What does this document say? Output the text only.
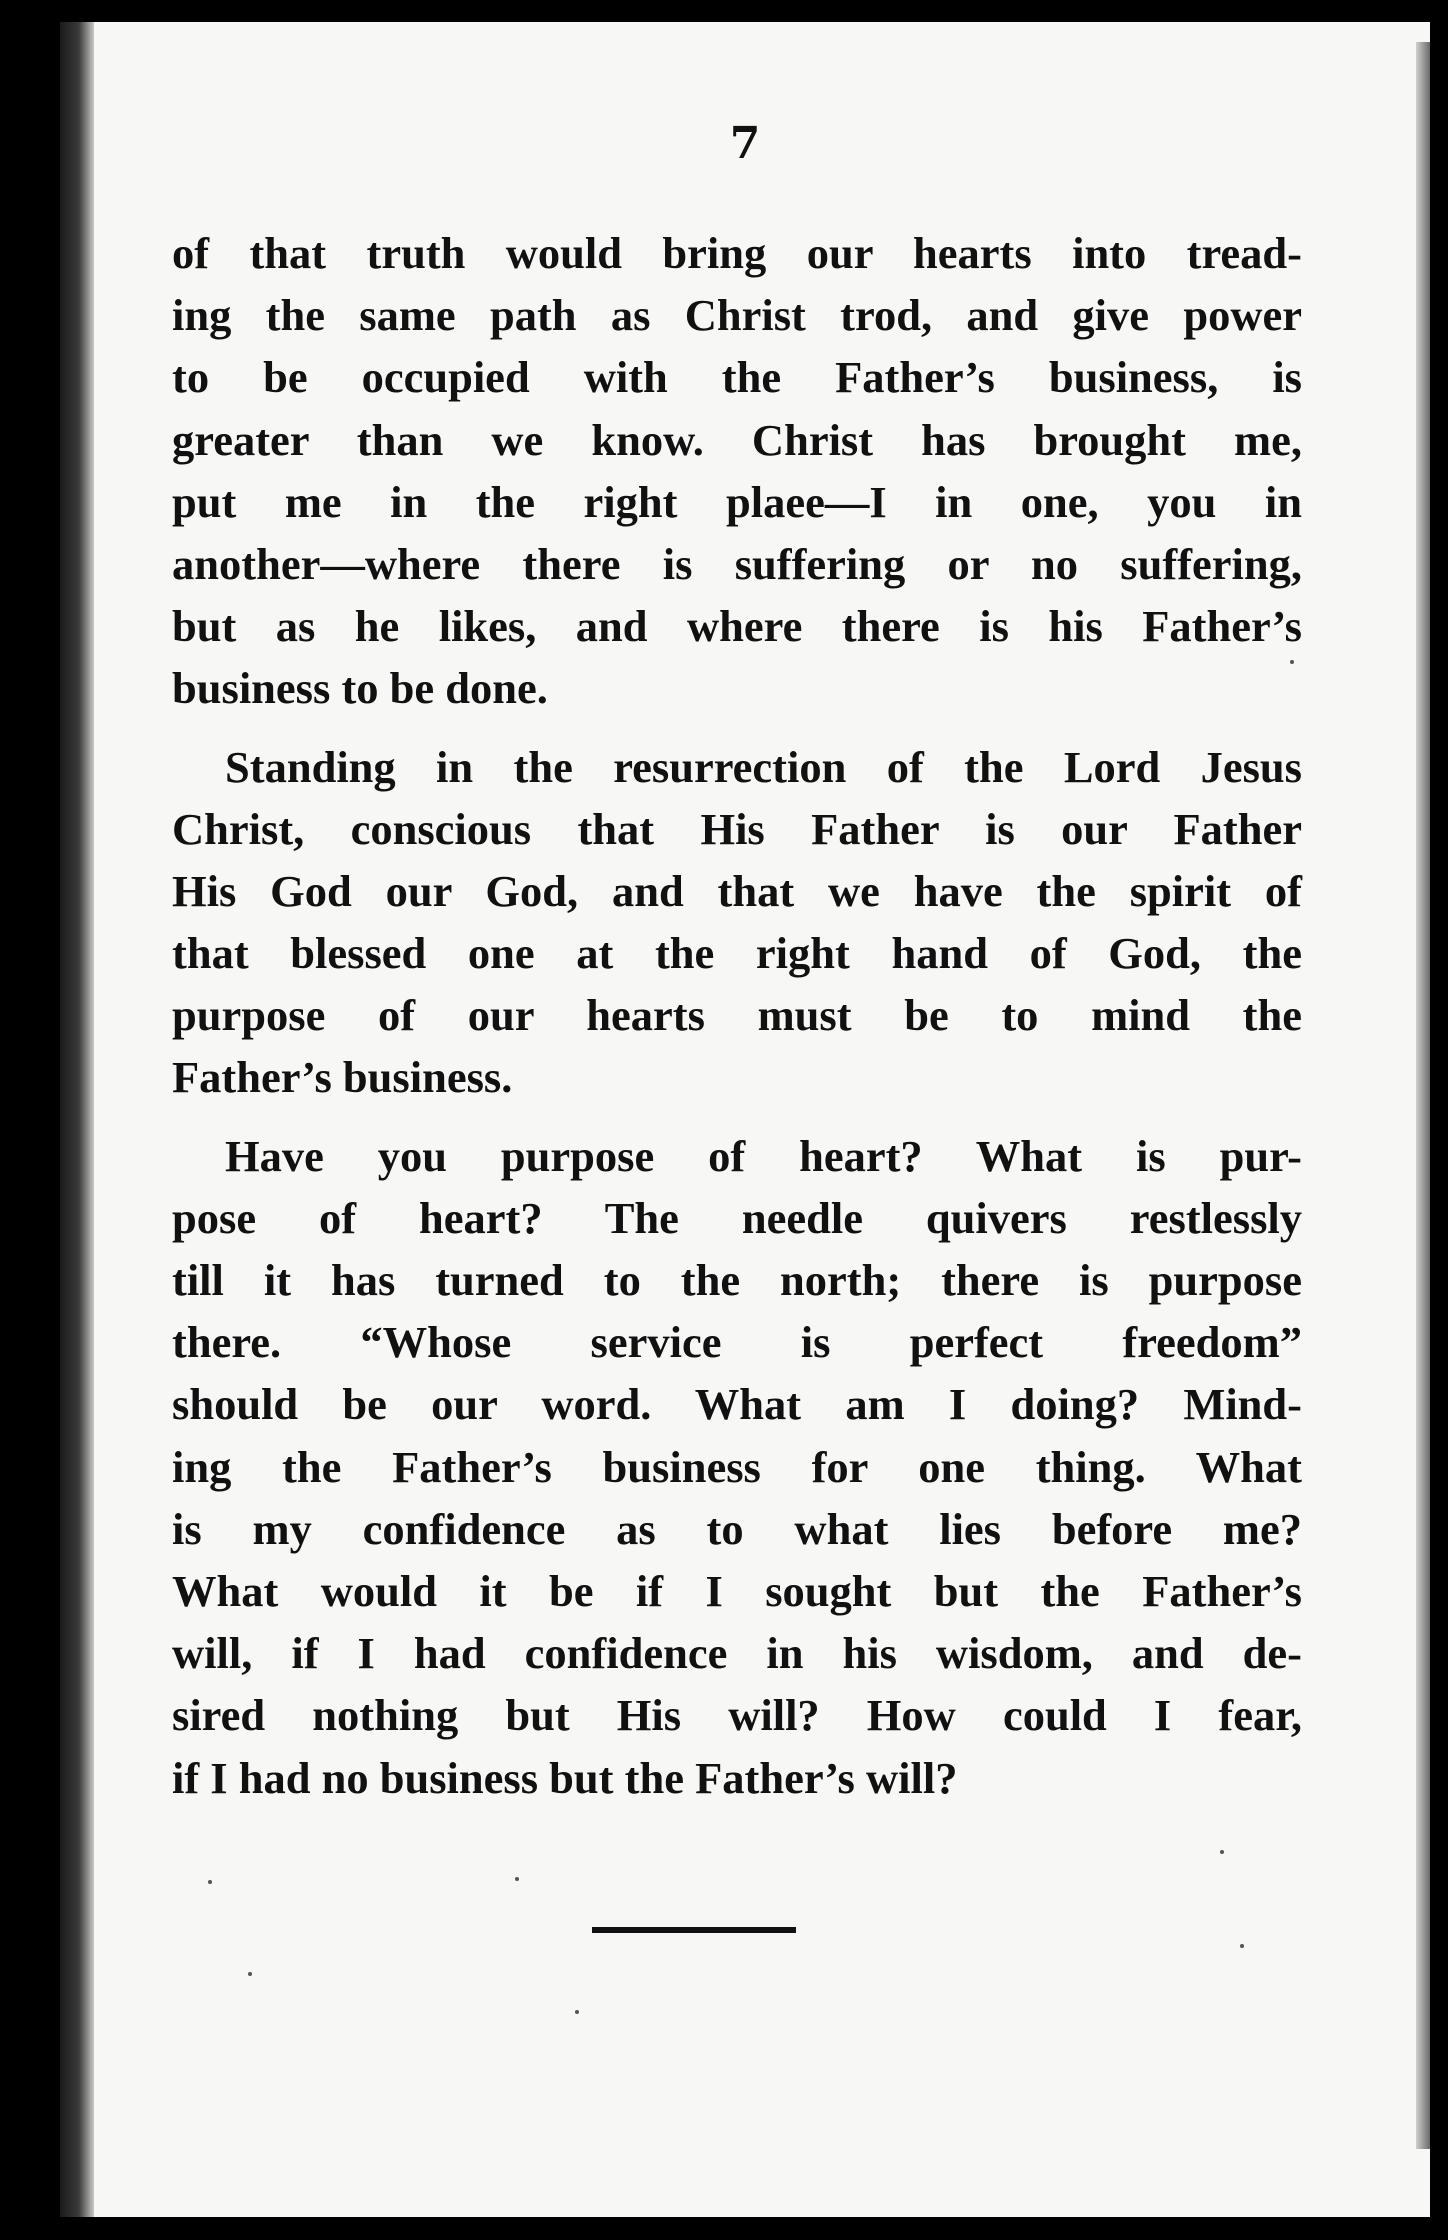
7
of that truth would bring our hearts into tread-
ing the same path as Christ trod, and give power
to be occupied with the Father’s business, is
greater than we know. Christ has brought me,
put me in the right plaee—I in one, you in
another—where there is suffering or no suffering,
but as he likes, and where there is his Father’s
business to be done.
Standing in the resurrection of the Lord Jesus
Christ, conscious that His Father is our Father
His God our God, and that we have the spirit of
that blessed one at the right hand of God, the
purpose of our hearts must be to mind the
Father’s business.
Have you purpose of heart? What is pur-
pose of heart? The needle quivers restlessly
till it has turned to the north; there is purpose
there. “Whose service is perfect freedom”
should be our word. What am I doing? Mind-
ing the Father’s business for one thing. What
is my confidence as to what lies before me?
What would it be if I sought but the Father’s
will, if I had confidence in his wisdom, and de-
sired nothing but His will? How could I fear,
if I had no business but the Father’s will?
